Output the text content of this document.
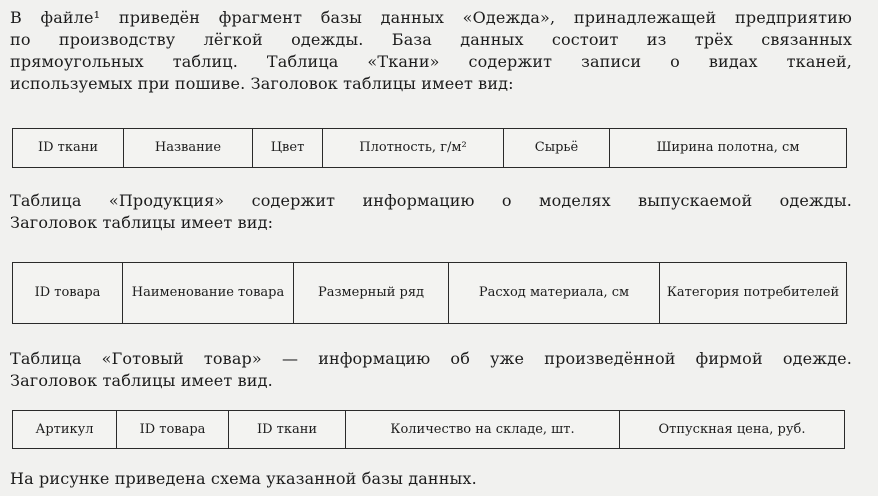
В файле¹ приведён фрагмент базы данных «Одежда», принадлежащей предприятию
по производству лёгкой одежды. База данных состоит из трёх связанных
прямоугольных таблиц. Таблица «Ткани» содержит записи о видах тканей,
используемых при пошиве. Заголовок таблицы имеет вид:
ID ткани	Название	Цвет	Плотность, г/м²	Сырьё	Ширина полотна, см
Таблица «Продукция» содержит информацию о моделях выпускаемой одежды.
Заголовок таблицы имеет вид:
ID товара	Наименование товара	Размерный ряд	Расход материала, см	Категория потребителей
Таблица «Готовый товар» — информацию об уже произведённой фирмой одежде.
Заголовок таблицы имеет вид.
Артикул	ID товара	ID ткани	Количество на складе, шт.	Отпускная цена, руб.
На рисунке приведена схема указанной базы данных.
